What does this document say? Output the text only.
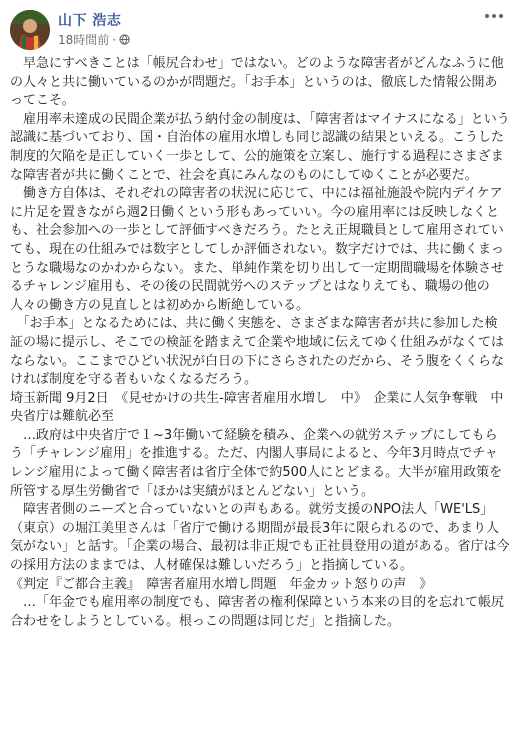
山下 浩志
18時間前 ·

　早急にすべきことは「帳尻合わせ」ではない。どのような障害者がどんなふうに他の人々と共に働いているのかが問題だ。「お手本」というのは、徹底した情報公開あってこそ。

　雇用率未達成の民間企業が払う納付金の制度は、「障害者はマイナスになる」という認識に基づいており、国・自治体の雇用水増しも同じ認識の結果といえる。こうした制度的欠陥を是正していく一歩として、公的施策を立案し、施行する過程にさまざまな障害者が共に働くことで、社会を真にみんなのものにしてゆくことが必要だ。

　働き方自体は、それぞれの障害者の状況に応じて、中には福祉施設や院内デイケアに片足を置きながら週2日働くという形もあっていい。今の雇用率には反映しなくとも、社会参加への一歩として評価すべきだろう。たとえ正規職員として雇用されていても、現在の仕組みでは数字としてしか評価されない。数字だけでは、共に働くまっとうな職場なのかわからない。また、単純作業を切り出して一定期間職場を体験させるチャレンジ雇用も、その後の民間就労へのステップとはなりえても、職場の他の人々の働き方の見直しとは初めから断絶している。

　「お手本」となるためには、共に働く実態を、さまざまな障害者が共に参加した検証の場に提示し、そこでの検証を踏まえて企業や地域に伝えてゆく仕組みがなくてはならない。ここまでひどい状況が白日の下にさらされたのだから、そう腹をくくらなければ制度を守る者もいなくなるだろう。

埼玉新聞 9月2日　《見せかけの共生‐障害者雇用水増し　中》　企業に人気争奪戦　中央省庁は難航必至

　…政府は中央省庁で１~3年働いて経験を積み、企業への就労ステップにしてもらう「チャレンジ雇用」を推進する。ただ、内閣人事局によると、今年3月時点でチャレンジ雇用によって働く障害者は省庁全体で約500人にとどまる。大半が雇用政策を所管する厚生労働省で「ほかは実績がほとんどない」という。

　障害者側のニーズと合っていないとの声もある。就労支援のNPO法人「WE'LS」（東京）の堀江美里さんは「省庁で働ける期間が最長3年に限られるので、あまり人気がない」と話す。「企業の場合、最初は非正規でも正社員登用の道がある。省庁は今の採用方法のままでは、人材確保は難しいだろう」と指摘している。

《判定『ご都合主義』　障害者雇用水増し問題　年金カット怒りの声　》

　…「年金でも雇用率の制度でも、障害者の権利保障という本来の目的を忘れて帳尻合わせをしようとしている。根っこの問題は同じだ」と指摘した。
